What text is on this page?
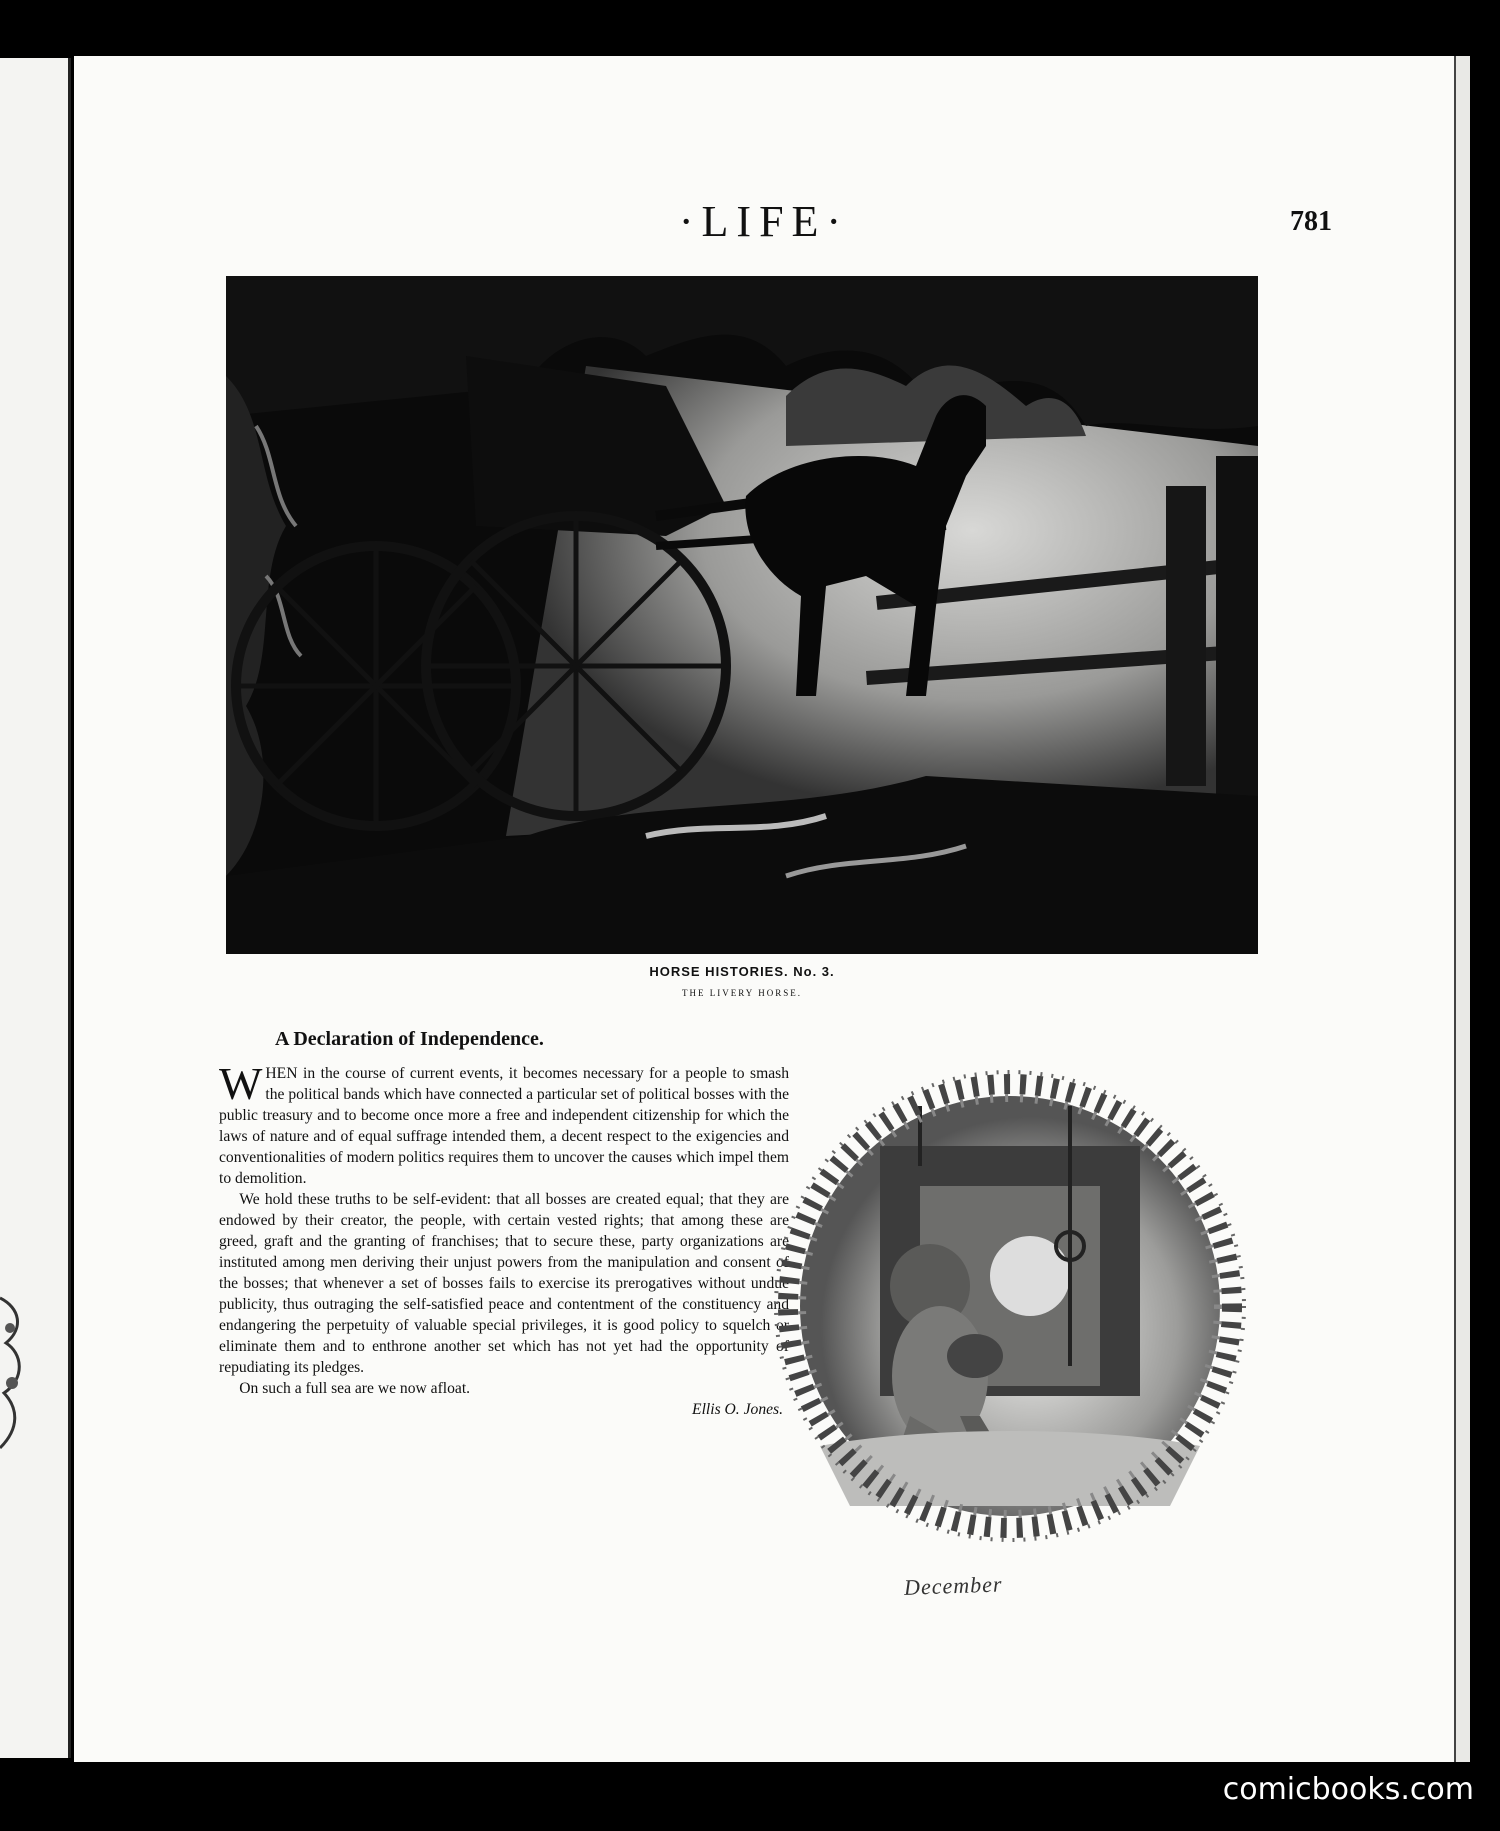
·LIFE·	781
HORSE HISTORIES. No. 3.
THE LIVERY HORSE.
A Declaration of Independence.

WHEN in the course of current events, it becomes necessary for a people to smash the political bands which have connected a particular set of political bosses with the public treasury and to become once more a free and independent citizenship for which the laws of nature and of equal suffrage intended them, a decent respect to the exigencies and conventionalities of modern politics requires them to uncover the causes which impel them to demolition.

We hold these truths to be self-evident: that all bosses are created equal; that they are endowed by their creator, the people, with certain vested rights; that among these are greed, graft and the granting of franchises; that to secure these, party organizations are instituted among men deriving their unjust powers from the manipulation and consent of the bosses; that whenever a set of bosses fails to exercise its prerogatives without undue publicity, thus outraging the self-satisfied peace and contentment of the constituency and endangering the perpetuity of valuable special privileges, it is good policy to squelch or eliminate them and to enthrone another set which has not yet had the opportunity of repudiating its pledges.

On such a full sea are we now afloat.

Ellis O. Jones.
December
comicbooks.com
